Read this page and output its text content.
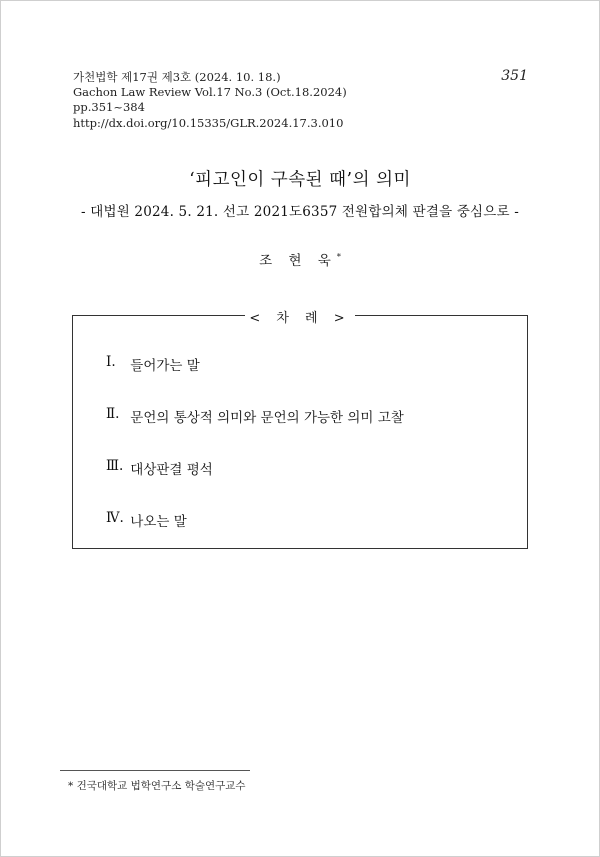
가천법학 제17권 제3호 (2024. 10. 18.)
Gachon Law Review Vol.17 No.3 (Oct.18.2024)
pp.351~384
http://dx.doi.org/10.15335/GLR.2024.17.3.010
351
‘피고인이 구속된 때’의 의미
- 대법원 2024. 5. 21. 선고 2021도6357 전원합의체 판결을 중심으로 -
조 현 욱*
< 차 례 >
Ⅰ.
	들어가는 말
Ⅱ.
문언의 통상적 의미와 문언의 가능한 의미 고찰
Ⅲ.
대상판결 평석
Ⅳ.
나오는 말
* 건국대학교 법학연구소 학술연구교수
